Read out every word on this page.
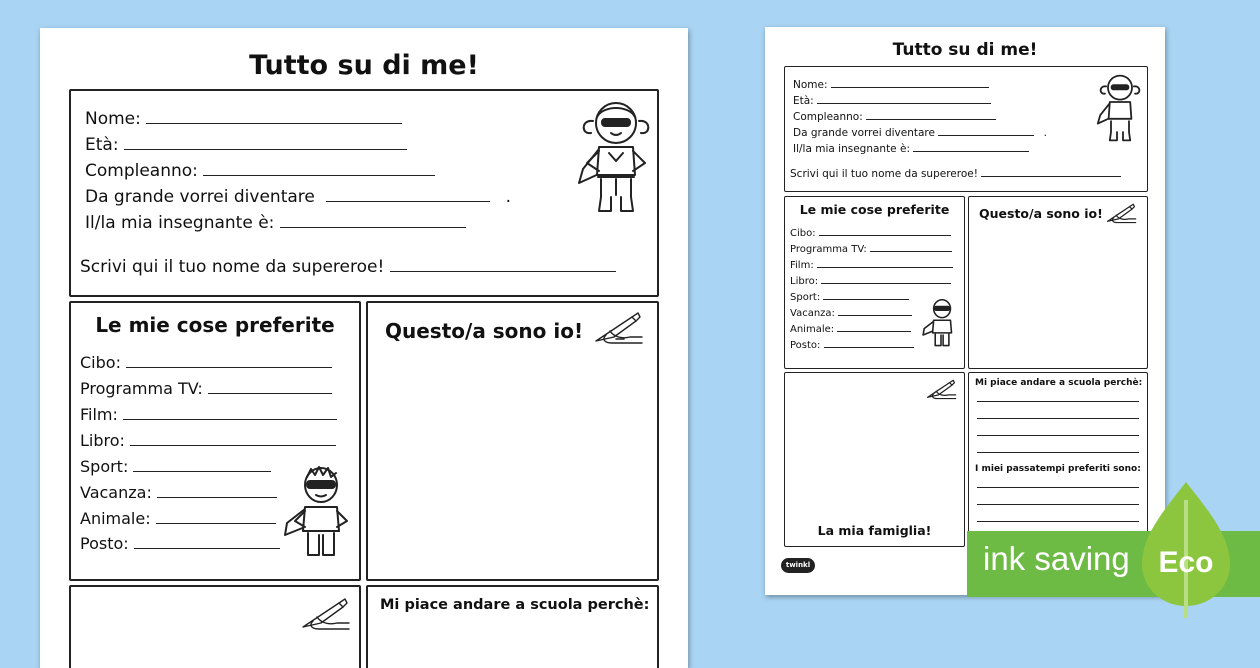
Tutto su di me!
Nome:
Età:
Compleanno:
Da grande vorrei diventare	.
Il/la mia insegnante è:
Scrivi qui il tuo nome da supereroe!
Le mie cose preferite
Cibo:
Programma TV:
Film:
Libro:
Sport:
Vacanza:
Animale:
Posto:
Questo/a sono io!
Mi piace andare a scuola perchè:
Tutto su di me!
Nome:
Età:
Compleanno:
Da grande vorrei diventare	.
Il/la mia insegnante è:
Scrivi qui il tuo nome da supereroe!
Le mie cose preferite
Cibo:
Programma TV:
Film:
Libro:
Sport:
Vacanza:
Animale:
Posto:
Questo/a sono io!
La mia famiglia!
Mi piace andare a scuola perchè:
I miei passatempi preferiti sono:
twinkl	ink saving Eco
